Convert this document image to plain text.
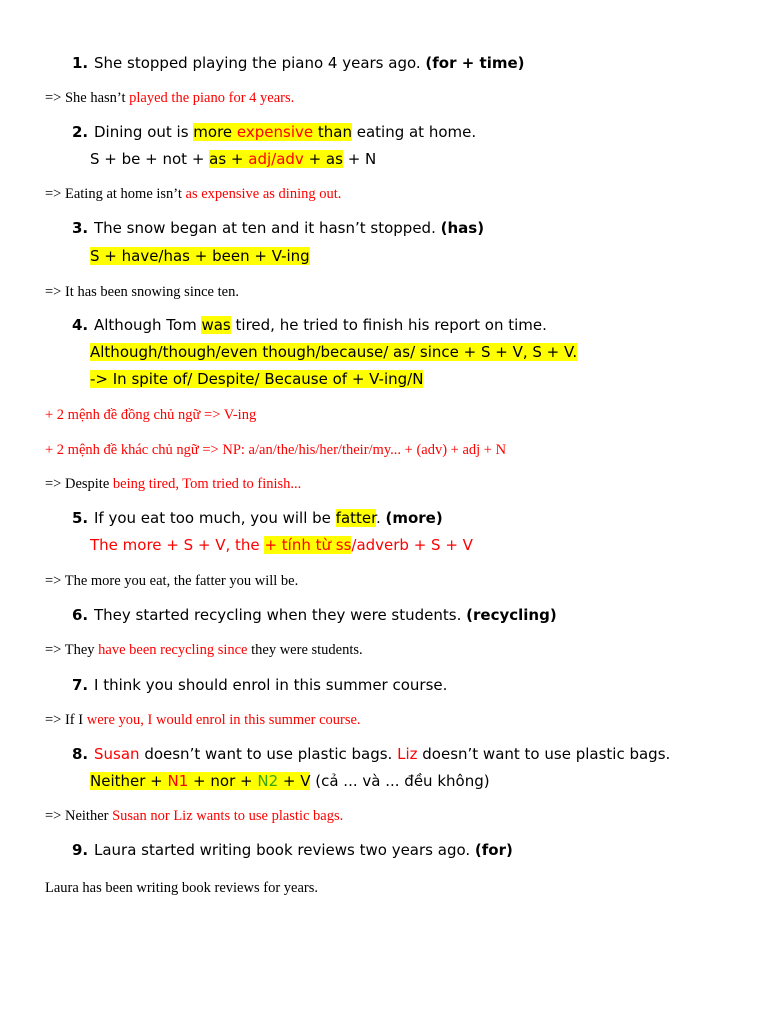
1. She stopped playing the piano 4 years ago. (for + time)
=> She hasn’t played the piano for 4 years.
2. Dining out is more expensive than eating at home.
S + be + not + as + adj/adv + as + N
=> Eating at home isn’t as expensive as dining out.
3. The snow began at ten and it hasn’t stopped. (has)
S + have/has + been + V-ing
=> It has been snowing since ten.
4. Although Tom was tired, he tried to finish his report on time.
Although/though/even though/because/ as/ since + S + V, S + V.
-> In spite of/ Despite/ Because of + V-ing/N
+ 2 mệnh đề đồng chủ ngữ => V-ing
+ 2 mệnh đề khác chủ ngữ => NP: a/an/the/his/her/their/my... + (adv) + adj + N
=> Despite being tired, Tom tried to finish...
5. If you eat too much, you will be fatter. (more)
The more + S + V, the + tính từ ss/adverb + S + V
=> The more you eat, the fatter you will be.
6. They started recycling when they were students. (recycling)
=> They have been recycling since they were students.
7. I think you should enrol in this summer course.
=> If I were you, I would enrol in this summer course.
8. Susan doesn’t want to use plastic bags. Liz doesn’t want to use plastic bags.
Neither + N1 + nor + N2 + V (cả ... và ... đều không)
=> Neither Susan nor Liz wants to use plastic bags.
9. Laura started writing book reviews two years ago. (for)
Laura has been writing book reviews for years.
